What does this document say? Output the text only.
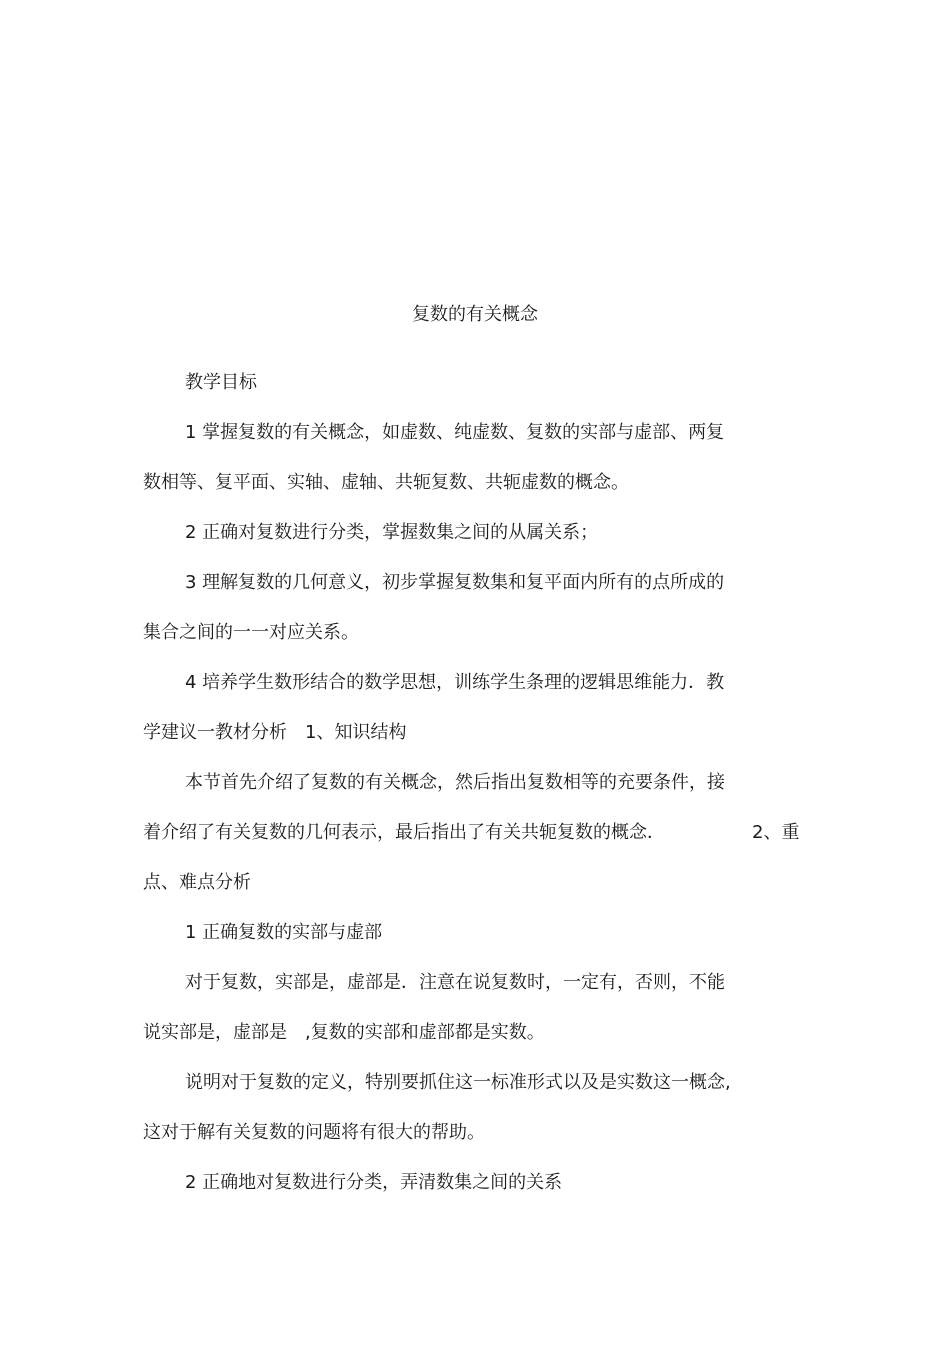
复数的有关概念
教学目标
1 掌握复数的有关概念，如虚数、纯虚数、复数的实部与虚部、两复
数相等、复平面、实轴、虚轴、共轭复数、共轭虚数的概念。
2 正确对复数进行分类，掌握数集之间的从属关系；
3 理解复数的几何意义，初步掌握复数集和复平面内所有的点所成的
集合之间的一一对应关系。
4 培养学生数形结合的数学思想，训练学生条理的逻辑思维能力．教
学建议一教材分析　1、知识结构
本节首先介绍了复数的有关概念，然后指出复数相等的充要条件，接
着介绍了有关复数的几何表示，最后指出了有关共轭复数的概念．	2、重
点、难点分析
1 正确复数的实部与虚部
对于复数，实部是，虚部是．注意在说复数时，一定有，否则，不能
说实部是，虚部是　,复数的实部和虚部都是实数。
说明对于复数的定义，特别要抓住这一标准形式以及是实数这一概念,
这对于解有关复数的问题将有很大的帮助。
2 正确地对复数进行分类，弄清数集之间的关系
